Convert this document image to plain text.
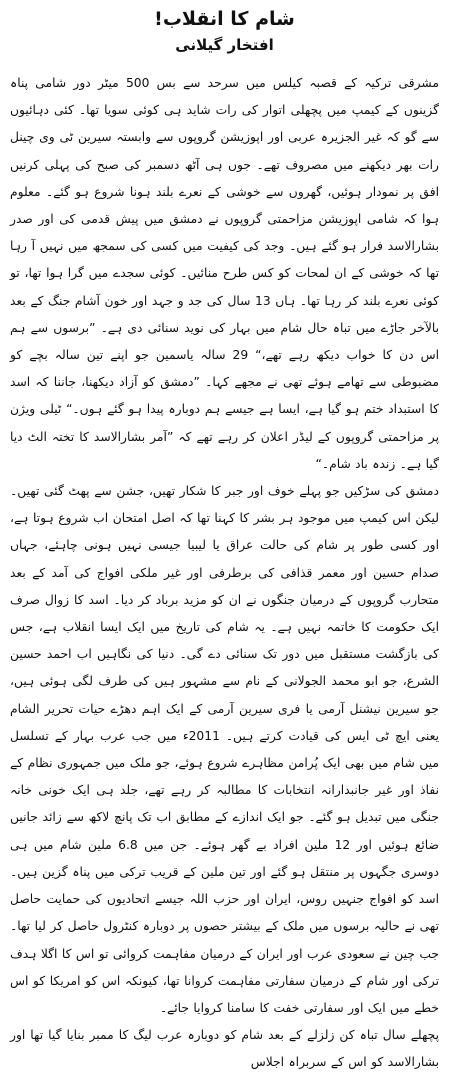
شام کا انقلاب!
افتخار گیلانی

مشرقی ترکیہ کے قصبہ کیلس میں سرحد سے بس 500 میٹر دور شامی پناہ گزینوں کے کیمپ میں پچھلی اتوار کی رات شاید ہی کوئی سویا تھا۔ کئی دہائیوں سے گو کہ غیر الجزیرہ عربی اور اپوزیشن گروپوں سے وابستہ سیرین ٹی وی چینل رات بھر دیکھنے میں مصروف تھے۔ جوں ہی آٹھ دسمبر کی صبح کی پہلی کرنیں افق پر نمودار ہوئیں، گھروں سے خوشی کے نعرے بلند ہونا شروع ہو گئے۔ معلوم ہوا کہ شامی اپوزیشن مزاحمتی گروپوں نے دمشق میں پیش قدمی کی اور صدر بشارالاسد فرار ہو گئے ہیں۔ وجد کی کیفیت میں کسی کی سمجھ میں نہیں آ رہا تھا کہ خوشی کے ان لمحات کو کس طرح منائیں۔ کوئی سجدے میں گرا ہوا تھا، تو کوئی نعرے بلند کر رہا تھا۔ ہاں 13 سال کی جد و جہد اور خون آشام جنگ کے بعد بالآخر جاڑے میں تباہ حال شام میں بہار کی نوید سنائی دی ہے۔ ”برسوں سے ہم اس دن کا خواب دیکھ رہے تھے،“ 29 سالہ یاسمین جو اپنے تین سالہ بچے کو مضبوطی سے تھامے ہوئے تھی نے مجھے کہا۔ ”دمشق کو آزاد دیکھنا، جاننا کہ اسد کا استبداد ختم ہو گیا ہے، ایسا ہے جیسے ہم دوبارہ پیدا ہو گئے ہوں۔“ ٹیلی ویژن پر مزاحمتی گروپوں کے لیڈر اعلان کر رہے تھے کہ ”آمر بشارالاسد کا تختہ الٹ دیا گیا ہے۔ زندہ باد شام۔“

دمشق کی سڑکیں جو پہلے خوف اور جبر کا شکار تھیں، جشن سے پھٹ گئی تھیں۔ لیکن اس کیمپ میں موجود ہر بشر کا کہنا تھا کہ اصل امتحان اب شروع ہوتا ہے، اور کسی طور پر شام کی حالت عراق یا لیبیا جیسی نہیں ہونی چاہئے، جہاں صدام حسین اور معمر قذافی کی برطرفی اور غیر ملکی افواج کی آمد کے بعد متحارب گروپوں کے درمیان جنگوں نے ان کو مزید برباد کر دیا۔ اسد کا زوال صرف ایک حکومت کا خاتمہ نہیں ہے۔ یہ شام کی تاریخ میں ایک ایسا انقلاب ہے، جس کی بازگشت مستقبل میں دور تک سنائی دے گی۔ دنیا کی نگاہیں اب احمد حسین الشرع، جو ابو محمد الجولانی کے نام سے مشہور ہیں کی طرف لگی ہوئی ہیں، جو سیرین نیشنل آرمی یا فری سیرین آرمی کے ایک اہم دھڑے حیات تحریر الشام یعنی ایچ ٹی ایس کی قیادت کرتے ہیں۔ 2011ء میں جب عرب بہار کے تسلسل میں شام میں بھی ایک پُرامن مظاہرے شروع ہوئے، جو ملک میں جمہوری نظام کے نفاذ اور غیر جانبدارانہ انتخابات کا مطالبہ کر رہے تھے، جلد ہی ایک خونی خانہ جنگی میں تبدیل ہو گئے۔ جو ایک اندازے کے مطابق اب تک پانچ لاکھ سے زائد جانیں ضائع ہوئیں اور 12 ملین افراد بے گھر ہوئے۔ جن میں 6.8 ملین شام میں ہی دوسری جگہوں پر منتقل ہو گئے اور تین ملین کے قریب ترکی میں پناہ گزین ہیں۔ اسد کو افواج جنہیں روس، ایران اور حزب اللہ جیسے اتحادیوں کی حمایت حاصل تھی نے حالیہ برسوں میں ملک کے بیشتر حصوں پر دوبارہ کنٹرول حاصل کر لیا تھا۔ جب چین نے سعودی عرب اور ایران کے درمیان مفاہمت کروائی تو اس کا اگلا ہدف ترکی اور شام کے درمیان سفارتی مفاہمت کروانا تھا، کیونکہ اس کو امریکا کو اس خطے میں ایک اور سفارتی خفت کا سامنا کروایا جائے۔

پچھلے سال تباہ کن زلزلے کے بعد شام کو دوبارہ عرب لیگ کا ممبر بنایا گیا تھا اور بشارالاسد کو اس کے سربراہ اجلاس
